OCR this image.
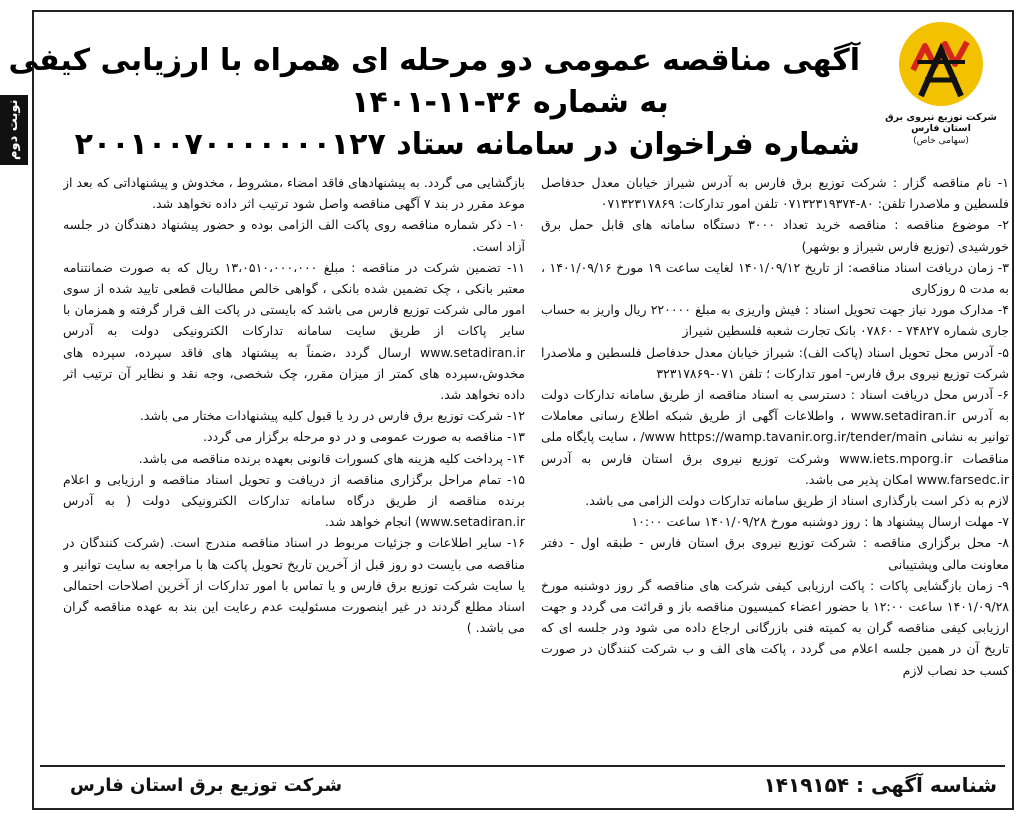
شرکت توزیع نیروی برق استان فارس
(سهامی خاص)
آگهی مناقصه عمومی دو مرحله ای همراه با ارزیابی کیفی
به شماره ۳۶-۱۱-۱۴۰۱
شماره فراخوان در سامانه ستاد ۲۰۰۱۰۰۷۰۰۰۰۰۰۰۱۲۷
نوبت دوم

۱- نام مناقصه گزار : شرکت توزیع برق فارس به آدرس شیراز خیابان معدل حدفاصل فلسطین و ملاصدرا تلفن: ۸۰-۰۷۱۳۲۳۱۹۳۷۴ تلفن امور تدارکات: ۰۷۱۳۲۳۱۷۸۶۹

۲- موضوع مناقصه : مناقصه خرید تعداد ۳۰۰۰ دستگاه سامانه های قابل حمل برق خورشیدی (توزیع فارس شیراز و بوشهر)

۳- زمان دریافت اسناد مناقصه: از تاریخ ۱۴۰۱/۰۹/۱۲ لغایت ساعت ۱۹ مورخ ۱۴۰۱/۰۹/۱۶ ، به مدت ۵ روزکاری

۴- مدارک مورد نیاز جهت تحویل اسناد : فیش واریزی به مبلغ ۲۲۰۰۰۰ ریال واریز به حساب جاری شماره ۷۴۸۲۷ - ۰۷۸۶۰ بانک تجارت شعبه فلسطین شیراز

۵- آدرس محل تحویل اسناد (پاکت الف): شیراز خیابان معدل حدفاصل فلسطین و ملاصدرا شرکت توزیع نیروی برق فارس- امور تدارکات ؛ تلفن ۰۷۱-۳۲۳۱۷۸۶۹

۶- آدرس محل دریافت اسناد : دسترسی به اسناد مناقصه از طریق سامانه تدارکات دولت به آدرس www.setadiran.ir ، واطلاعات آگهی از طریق شبکه اطلاع رسانی معاملات توانیر به نشانی www https://wamp.tavanir.org.ir/tender/main/ ، سایت پایگاه ملی مناقصات www.iets.mporg.ir وشرکت توزیع نیروی برق استان فارس به آدرس www.farsedc.ir امکان پذیر می باشد.

لازم به ذکر است بارگذاری اسناد از طریق سامانه تدارکات دولت الزامی می باشد.

۷- مهلت ارسال پیشنهاد ها : روز دوشنبه مورخ ۱۴۰۱/۰۹/۲۸ ساعت ۱۰:۰۰

۸- محل برگزاری مناقصه : شرکت توزیع نیروی برق استان فارس - طبقه اول - دفتر معاونت مالی وپشتیبانی

۹- زمان بازگشایی پاکات : پاکت ارزیابی کیفی شرکت های مناقصه گر روز دوشنبه مورخ ۱۴۰۱/۰۹/۲۸ ساعت ۱۲:۰۰ با حضور اعضاء کمیسیون مناقصه باز و قرائت می گردد و جهت ارزیابی کیفی مناقصه گران به کمیته فنی بازرگانی ارجاع داده می شود ودر جلسه ای که تاریخ آن در همین جلسه اعلام می گردد ، پاکت های الف و ب شرکت کنندگان در صورت کسب حد نصاب لازم

بازگشایی می گردد. به پیشنهادهای فاقد امضاء ،مشروط ، مخدوش و پیشنهاداتی که بعد از موعد مقرر در بند ۷ آگهی مناقصه واصل شود ترتیب اثر داده نخواهد شد.

۱۰- ذکر شماره مناقصه روی پاکت الف الزامی بوده و حضور پیشنهاد دهندگان در جلسه آزاد است.

۱۱- تضمین شرکت در مناقصه : مبلغ ۱۳،۰۵۱۰،۰۰۰،۰۰۰ ریال که به صورت ضمانتنامه معتبر بانکی ، چک تضمین شده بانکی ، گواهی خالص مطالبات قطعی تایید شده از سوی امور مالی شرکت توزیع فارس می باشد که بایستی در پاکت الف قرار گرفته و همزمان با سایر پاکات از طریق سایت سامانه تدارکات الکترونیکی دولت به آدرس www.setadiran.ir ارسال گردد ،ضمناً به پیشنهاد های فاقد سپرده، سپرده های مخدوش،سپرده های کمتر از میزان مقرر، چک شخصی، وجه نقد و نظایر آن ترتیب اثر داده نخواهد شد.

۱۲- شرکت توزیع برق فارس در رد یا قبول کلیه پیشنهادات مختار می باشد.

۱۳- مناقصه به صورت عمومی و در دو مرحله برگزار می گردد.

۱۴- پرداخت کلیه هزینه های کسورات قانونی بعهده برنده مناقصه می باشد.

۱۵- تمام مراحل برگزاری مناقصه از دریافت و تحویل اسناد مناقصه و ارزیابی و اعلام برنده مناقصه از طریق درگاه سامانه تدارکات الکترونیکی دولت ( به آدرس www.setadiran.ir) انجام خواهد شد.

۱۶- سایر اطلاعات و جزئیات مربوط در اسناد مناقصه مندرج است. (شرکت کنندگان در مناقصه می بایست دو روز قبل از آخرین تاریخ تحویل پاکت ها با مراجعه به سایت توانیر و یا سایت شرکت توزیع برق فارس و یا تماس با امور تدارکات از آخرین اصلاحات احتمالی اسناد مطلع گردند در غیر اینصورت مسئولیت عدم رعایت این بند به عهده مناقصه گران می باشد. )

شناسه آگهی : ۱۴۱۹۱۵۴
شرکت توزیع برق استان فارس
